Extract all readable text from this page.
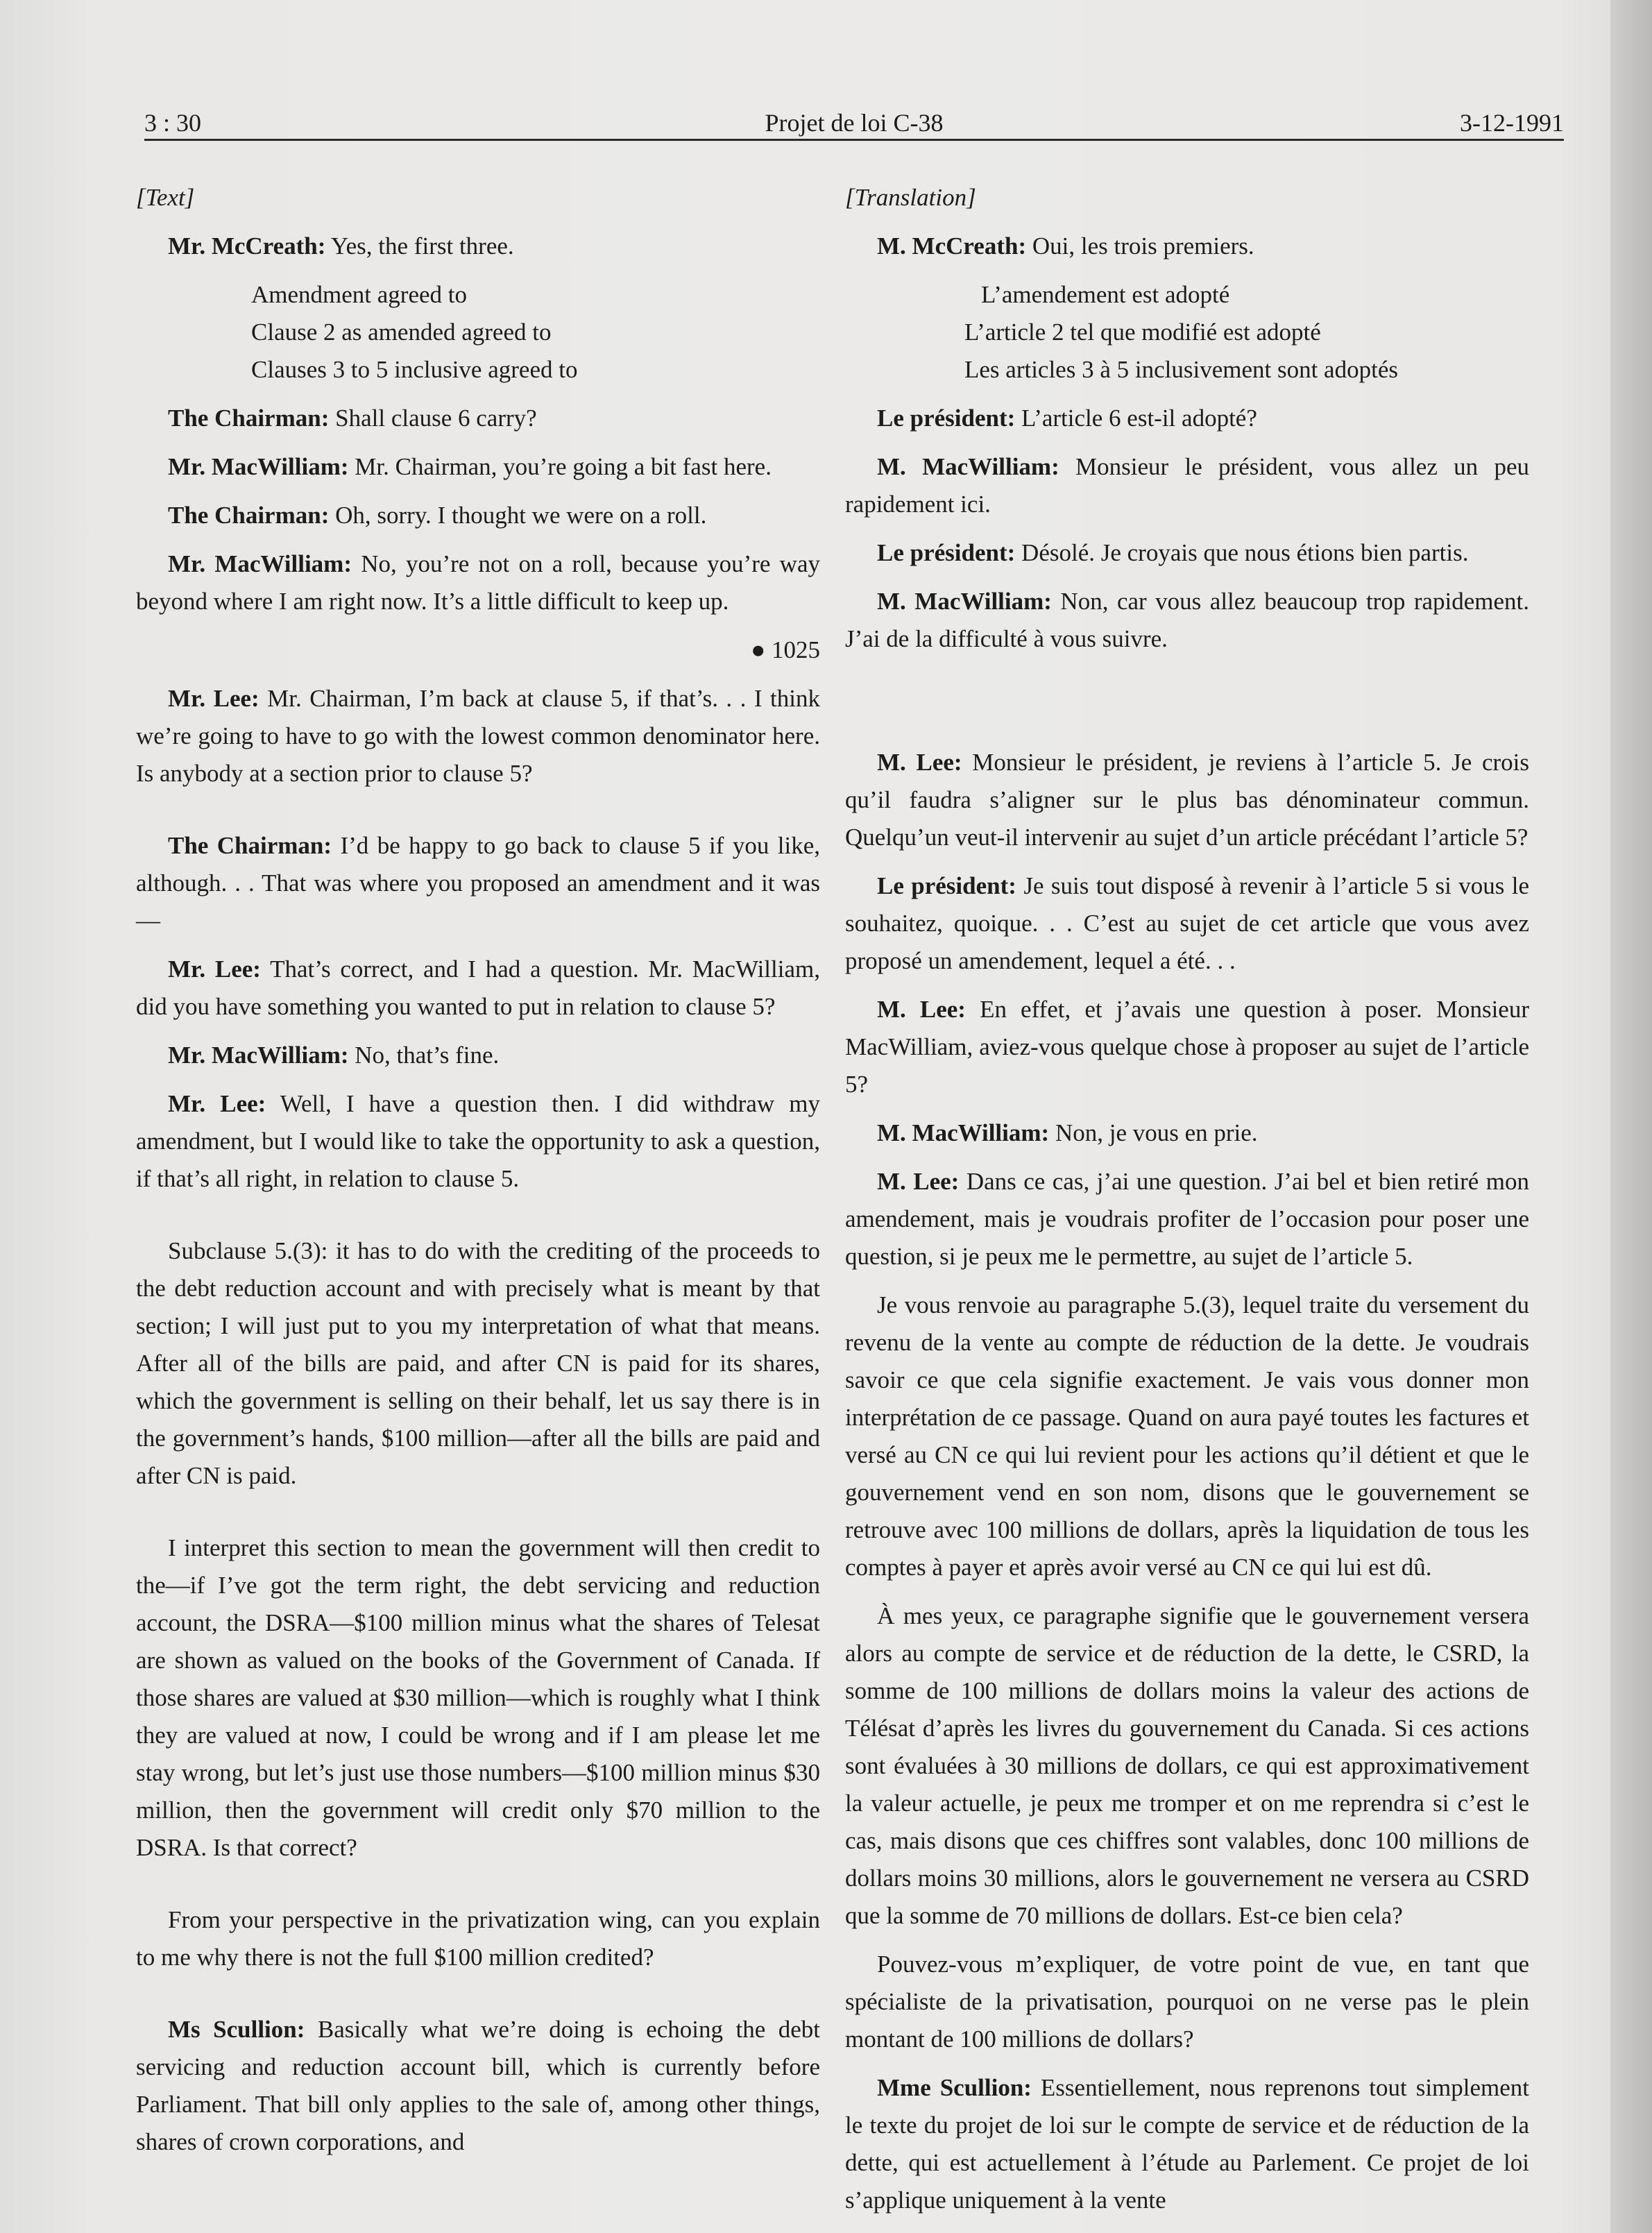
3 : 30	Projet de loi C-38	3-12-1991
[Text]

Mr. McCreath: Yes, the first three.

Amendment agreed to

Clause 2 as amended agreed to

Clauses 3 to 5 inclusive agreed to

The Chairman: Shall clause 6 carry?

Mr. MacWilliam: Mr. Chairman, you’re going a bit fast here.

The Chairman: Oh, sorry. I thought we were on a roll.

Mr. MacWilliam: No, you’re not on a roll, because you’re way beyond where I am right now. It’s a little difficult to keep up.

● 1025

Mr. Lee: Mr. Chairman, I’m back at clause 5, if that’s. . . I think we’re going to have to go with the lowest common denominator here. Is anybody at a section prior to clause 5?

The Chairman: I’d be happy to go back to clause 5 if you like, although. . . That was where you proposed an amendment and it was—

Mr. Lee: That’s correct, and I had a question. Mr. MacWilliam, did you have something you wanted to put in relation to clause 5?

Mr. MacWilliam: No, that’s fine.

Mr. Lee: Well, I have a question then. I did withdraw my amendment, but I would like to take the opportunity to ask a question, if that’s all right, in relation to clause 5.

Subclause 5.(3): it has to do with the crediting of the proceeds to the debt reduction account and with precisely what is meant by that section; I will just put to you my interpretation of what that means. After all of the bills are paid, and after CN is paid for its shares, which the government is selling on their behalf, let us say there is in the government’s hands, $100 million—after all the bills are paid and after CN is paid.

I interpret this section to mean the government will then credit to the—if I’ve got the term right, the debt servicing and reduction account, the DSRA—$100 million minus what the shares of Telesat are shown as valued on the books of the Government of Canada. If those shares are valued at $30 million—which is roughly what I think they are valued at now, I could be wrong and if I am please let me stay wrong, but let’s just use those numbers—$100 million minus $30 million, then the government will credit only $70 million to the DSRA. Is that correct?

From your perspective in the privatization wing, can you explain to me why there is not the full $100 million credited?

Ms Scullion: Basically what we’re doing is echoing the debt servicing and reduction account bill, which is currently before Parliament. That bill only applies to the sale of, among other things, shares of crown corporations, and

[Translation]

M. McCreath: Oui, les trois premiers.

L’amendement est adopté

L’article 2 tel que modifié est adopté

Les articles 3 à 5 inclusivement sont adoptés

Le président: L’article 6 est-il adopté?

M. MacWilliam: Monsieur le président, vous allez un peu rapidement ici.

Le président: Désolé. Je croyais que nous étions bien partis.

M. MacWilliam: Non, car vous allez beaucoup trop rapidement. J’ai de la difficulté à vous suivre.

M. Lee: Monsieur le président, je reviens à l’article 5. Je crois qu’il faudra s’aligner sur le plus bas dénominateur commun. Quelqu’un veut-il intervenir au sujet d’un article précédant l’article 5?

Le président: Je suis tout disposé à revenir à l’article 5 si vous le souhaitez, quoique. . . C’est au sujet de cet article que vous avez proposé un amendement, lequel a été. . .

M. Lee: En effet, et j’avais une question à poser. Monsieur MacWilliam, aviez-vous quelque chose à proposer au sujet de l’article 5?

M. MacWilliam: Non, je vous en prie.

M. Lee: Dans ce cas, j’ai une question. J’ai bel et bien retiré mon amendement, mais je voudrais profiter de l’occasion pour poser une question, si je peux me le permettre, au sujet de l’article 5.

Je vous renvoie au paragraphe 5.(3), lequel traite du versement du revenu de la vente au compte de réduction de la dette. Je voudrais savoir ce que cela signifie exactement. Je vais vous donner mon interprétation de ce passage. Quand on aura payé toutes les factures et versé au CN ce qui lui revient pour les actions qu’il détient et que le gouvernement vend en son nom, disons que le gouvernement se retrouve avec 100 millions de dollars, après la liquidation de tous les comptes à payer et après avoir versé au CN ce qui lui est dû.

À mes yeux, ce paragraphe signifie que le gouvernement versera alors au compte de service et de réduction de la dette, le CSRD, la somme de 100 millions de dollars moins la valeur des actions de Télésat d’après les livres du gouvernement du Canada. Si ces actions sont évaluées à 30 millions de dollars, ce qui est approximativement la valeur actuelle, je peux me tromper et on me reprendra si c’est le cas, mais disons que ces chiffres sont valables, donc 100 millions de dollars moins 30 millions, alors le gouvernement ne versera au CSRD que la somme de 70 millions de dollars. Est-ce bien cela?

Pouvez-vous m’expliquer, de votre point de vue, en tant que spécialiste de la privatisation, pourquoi on ne verse pas le plein montant de 100 millions de dollars?

Mme Scullion: Essentiellement, nous reprenons tout simplement le texte du projet de loi sur le compte de service et de réduction de la dette, qui est actuellement à l’étude au Parlement. Ce projet de loi s’applique uniquement à la vente
